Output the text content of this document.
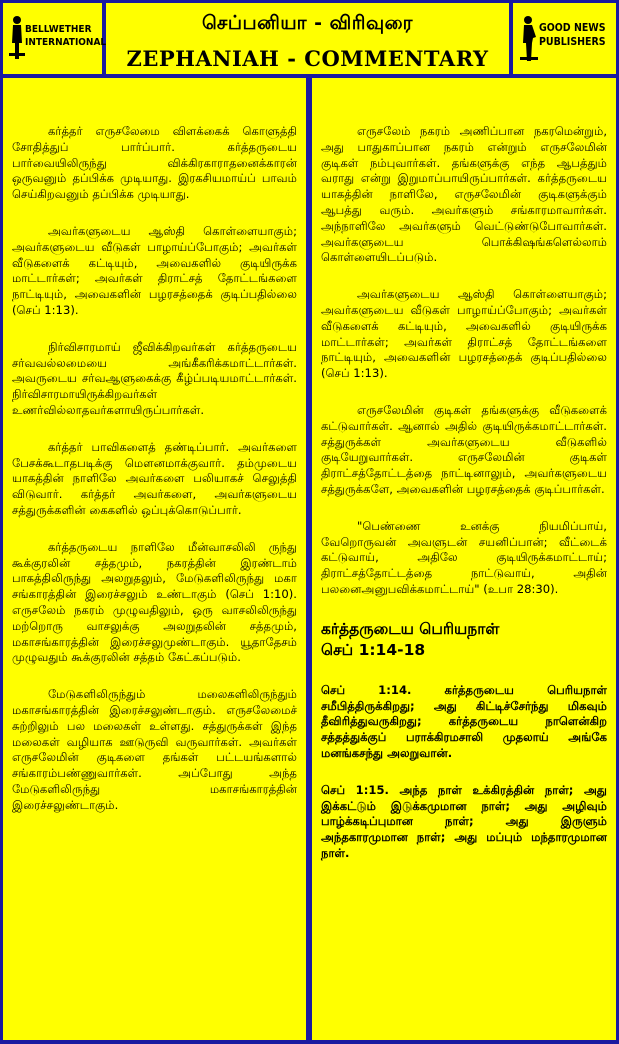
BELLWETHER
INTERNATIONAL
செப்பனியா - விரிவுரை
ZEPHANIAH - COMMENTARY
GOOD NEWS
PUBLISHERS

கர்த்தர் எருசலேமை விளக்கைக் கொளுத்தி சோதித்துப் பார்ப்பார். கர்த்தருடைய பார்வையிலிருந்து விக்கிரகாராதனைக்காரன் ஒருவனும் தப்பிக்க முடியாது. இரகசியமாய்ப் பாவம் செய்கிறவனும் தப்பிக்க முடியாது.

அவர்களுடைய ஆஸ்தி கொள்ளையாகும்; அவர்களுடைய வீடுகள் பாழாய்ப்போகும்; அவர்கள் வீடுகளைக் கட்டியும், அவைகளில் குடியிருக்க மாட்டார்கள்; அவர்கள் திராட்சத் தோட்டங்களை நாட்டியும், அவைகளின் பழரசத்தைக் குடிப்பதில்லை (செப் 1:13).

நிர்விசாரமாய் ஜீவிக்கிறவர்கள் கர்த்தருடைய சர்வவல்லமையை அங்கீகரிக்கமாட்டார்கள். அவருடைய சர்வஆளுகைக்கு கீழ்ப்படியமாட்டார்கள். நிர்விசாரமாயிருக்கிறவர்கள் உணர்வில்லாதவர்களாயிருப்பார்கள்.

கர்த்தர் பாவிகளைத் தண்டிப்பார். அவர்களை பேசக்கூடாதபடிக்கு மௌனமாக்குவார். தம்முடைய யாகத்தின் நாளிலே அவர்களை பலியாகச் செலுத்தி விடுவார். கர்த்தர் அவர்களை, அவர்களுடைய சத்துருக்களின் கைகளில் ஒப்புக்கொடுப்பார்.

கர்த்தருடைய நாளிலே மீன்வாசலிலி ருந்து கூக்குரலின் சத்தமும், நகரத்தின் இரண்டாம் பாகத்திலிருந்து அலறுதலும், மேடுகளிலிருந்து மகா சங்காரத்தின் இரைச்சலும் உண்டாகும் (செப் 1:10). எருசலேம் நகரம் முழுவதிலும், ஒரு வாசலிலிருந்து மற்றொரு வாசலுக்கு அலறுதலின் சத்தமும், மகாசங்காரத்தின் இரைச்சலுமுண்டாகும். யூதாதேசம் முழுவதும் கூக்குரலின் சத்தம் கேட்கப்படும்.

மேடுகளிலிருந்தும் மலைகளிலிருந்தும் மகாசங்காரத்தின் இரைச்சலுண்டாகும். எருசலேமைச் சுற்றிலும் பல மலைகள் உள்ளது. சத்துருக்கள் இந்த மலைகள் வழியாக ஊடுருவி வருவார்கள். அவர்கள் எருசலேமின் குடிகளை தங்கள் பட்டயங்களால் சங்காரம்பண்ணுவார்கள். அப்போது அந்த மேடுகளிலிருந்து மகாசங்காரத்தின் இரைச்சலுண்டாகும்.

எருசலேம் நகரம் அணிப்பான நகரமென்றும், அது பாதுகாப்பான நகரம் என்றும் எருசலேமின் குடிகள் நம்புவார்கள். தங்களுக்கு எந்த ஆபத்தும் வராது என்று இறுமாப்பாயிருப்பார்கள். கர்த்தருடைய யாகத்தின் நாளிலே, எருசலேமின் குடிகளுக்கும் ஆபத்து வரும். அவர்களும் சங்காரமாவார்கள். அந்நாளிலே அவர்களும் வெட்டுண்டுபோவார்கள். அவர்களுடைய பொக்கிஷங்களெல்லாம் கொள்ளையிடப்படும்.

அவர்களுடைய ஆஸ்தி கொள்ளையாகும்; அவர்களுடைய வீடுகள் பாழாய்ப்போகும்; அவர்கள் வீடுகளைக் கட்டியும், அவைகளில் குடியிருக்க மாட்டார்கள்; அவர்கள் திராட்சத் தோட்டங்களை நாட்டியும், அவைகளின் பழரசத்தைக் குடிப்பதில்லை (செப் 1:13).

எருசலேமின் குடிகள் தங்களுக்கு வீடுகளைக் கட்டுவார்கள். ஆனால் அதில் குடியிருக்கமாட்டார்கள். சத்துருக்கள் அவர்களுடைய வீடுகளில் குடியேறுவார்கள். எருசலேமின் குடிகள் திராட்சத்தோட்டத்தை நாட்டினாலும், அவர்களுடைய சத்துருக்களே, அவைகளின் பழரசத்தைக் குடிப்பார்கள்.

"பெண்ணை உனக்கு நியமிப்பாய், வேறொருவன் அவளுடன் சயனிப்பான்; வீட்டைக் கட்டுவாய், அதிலே குடியிருக்கமாட்டாய்; திராட்சத்தோட்டத்தை நாட்டுவாய், அதின் பலனைஅனுபவிக்கமாட்டாய்" (உபா 28:30).

கர்த்தருடைய பெரியநாள்
செப் 1:14-18
செப் 1:14. கர்த்தருடைய பெரியநாள் சமீபித்திருக்கிறது; அது கிட்டிச்சேர்ந்து மிகவும் தீவிரித்துவருகிறது; கர்த்தருடைய நாளென்கிற சத்தத்துக்குப் பராக்கிரமசாலி முதலாய் அங்கே மனங்கசந்து அலறுவான்.
செப் 1:15. அந்த நாள் உக்கிரத்தின் நாள்; அது இக்கட்டும் இடுக்கமுமான நாள்; அது அழிவும் பாழ்க்கடிப்புமான நாள்; அது இருளும் அந்தகாரமுமான நாள்; அது மப்பும் மந்தாரமுமான நாள்.
